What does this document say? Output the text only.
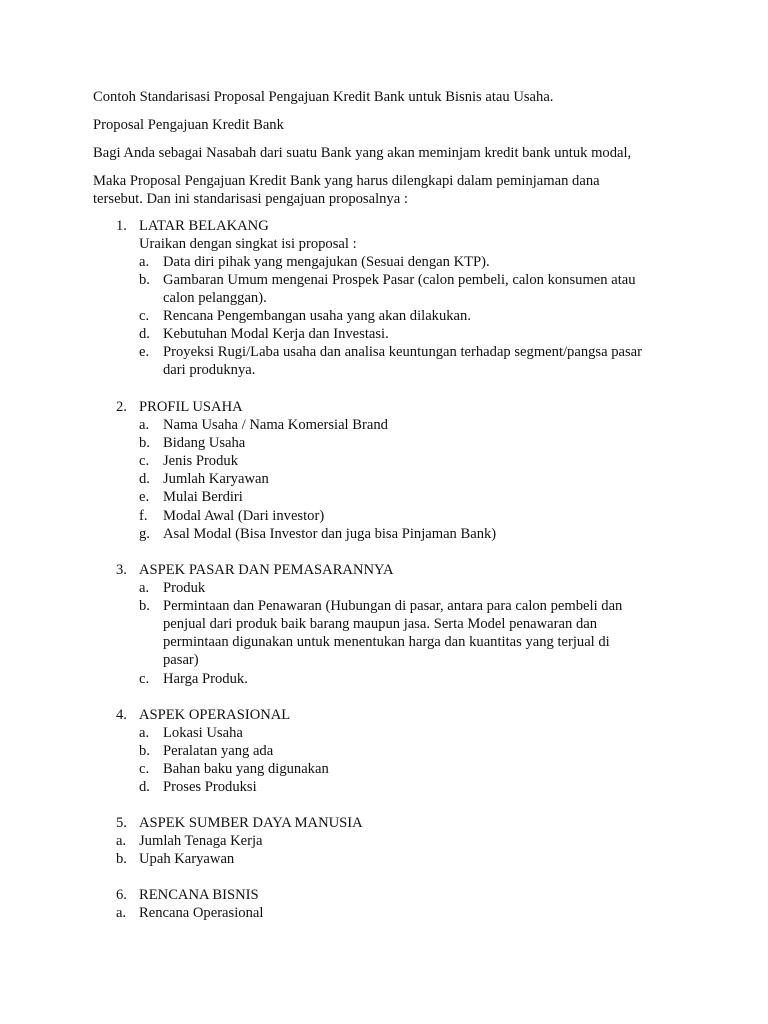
Contoh Standarisasi Proposal Pengajuan Kredit Bank untuk Bisnis atau Usaha.
Proposal Pengajuan Kredit Bank
Bagi Anda sebagai Nasabah dari suatu Bank yang akan meminjam kredit bank untuk modal,
Maka Proposal Pengajuan Kredit Bank yang harus dilengkapi dalam peminjaman dana
tersebut. Dan ini standarisasi pengajuan proposalnya :
1. LATAR BELAKANG
Uraikan dengan singkat isi proposal :
a. Data diri pihak yang mengajukan (Sesuai dengan KTP).
b. Gambaran Umum mengenai Prospek Pasar (calon pembeli, calon konsumen atau
calon pelanggan).
c. Rencana Pengembangan usaha yang akan dilakukan.
d. Kebutuhan Modal Kerja dan Investasi.
e. Proyeksi Rugi/Laba usaha dan analisa keuntungan terhadap segment/pangsa pasar
dari produknya.
2. PROFIL USAHA
a. Nama Usaha / Nama Komersial Brand
b. Bidang Usaha
c. Jenis Produk
d. Jumlah Karyawan
e. Mulai Berdiri
f. Modal Awal (Dari investor)
g. Asal Modal (Bisa Investor dan juga bisa Pinjaman Bank)
3. ASPEK PASAR DAN PEMASARANNYA
a. Produk
b. Permintaan dan Penawaran (Hubungan di pasar, antara para calon pembeli dan
penjual dari produk baik barang maupun jasa. Serta Model penawaran dan
permintaan digunakan untuk menentukan harga dan kuantitas yang terjual di
pasar)
c. Harga Produk.
4. ASPEK OPERASIONAL
a. Lokasi Usaha
b. Peralatan yang ada
c. Bahan baku yang digunakan
d. Proses Produksi
5. ASPEK SUMBER DAYA MANUSIA
a. Jumlah Tenaga Kerja
b. Upah Karyawan
6. RENCANA BISNIS
a. Rencana Operasional
